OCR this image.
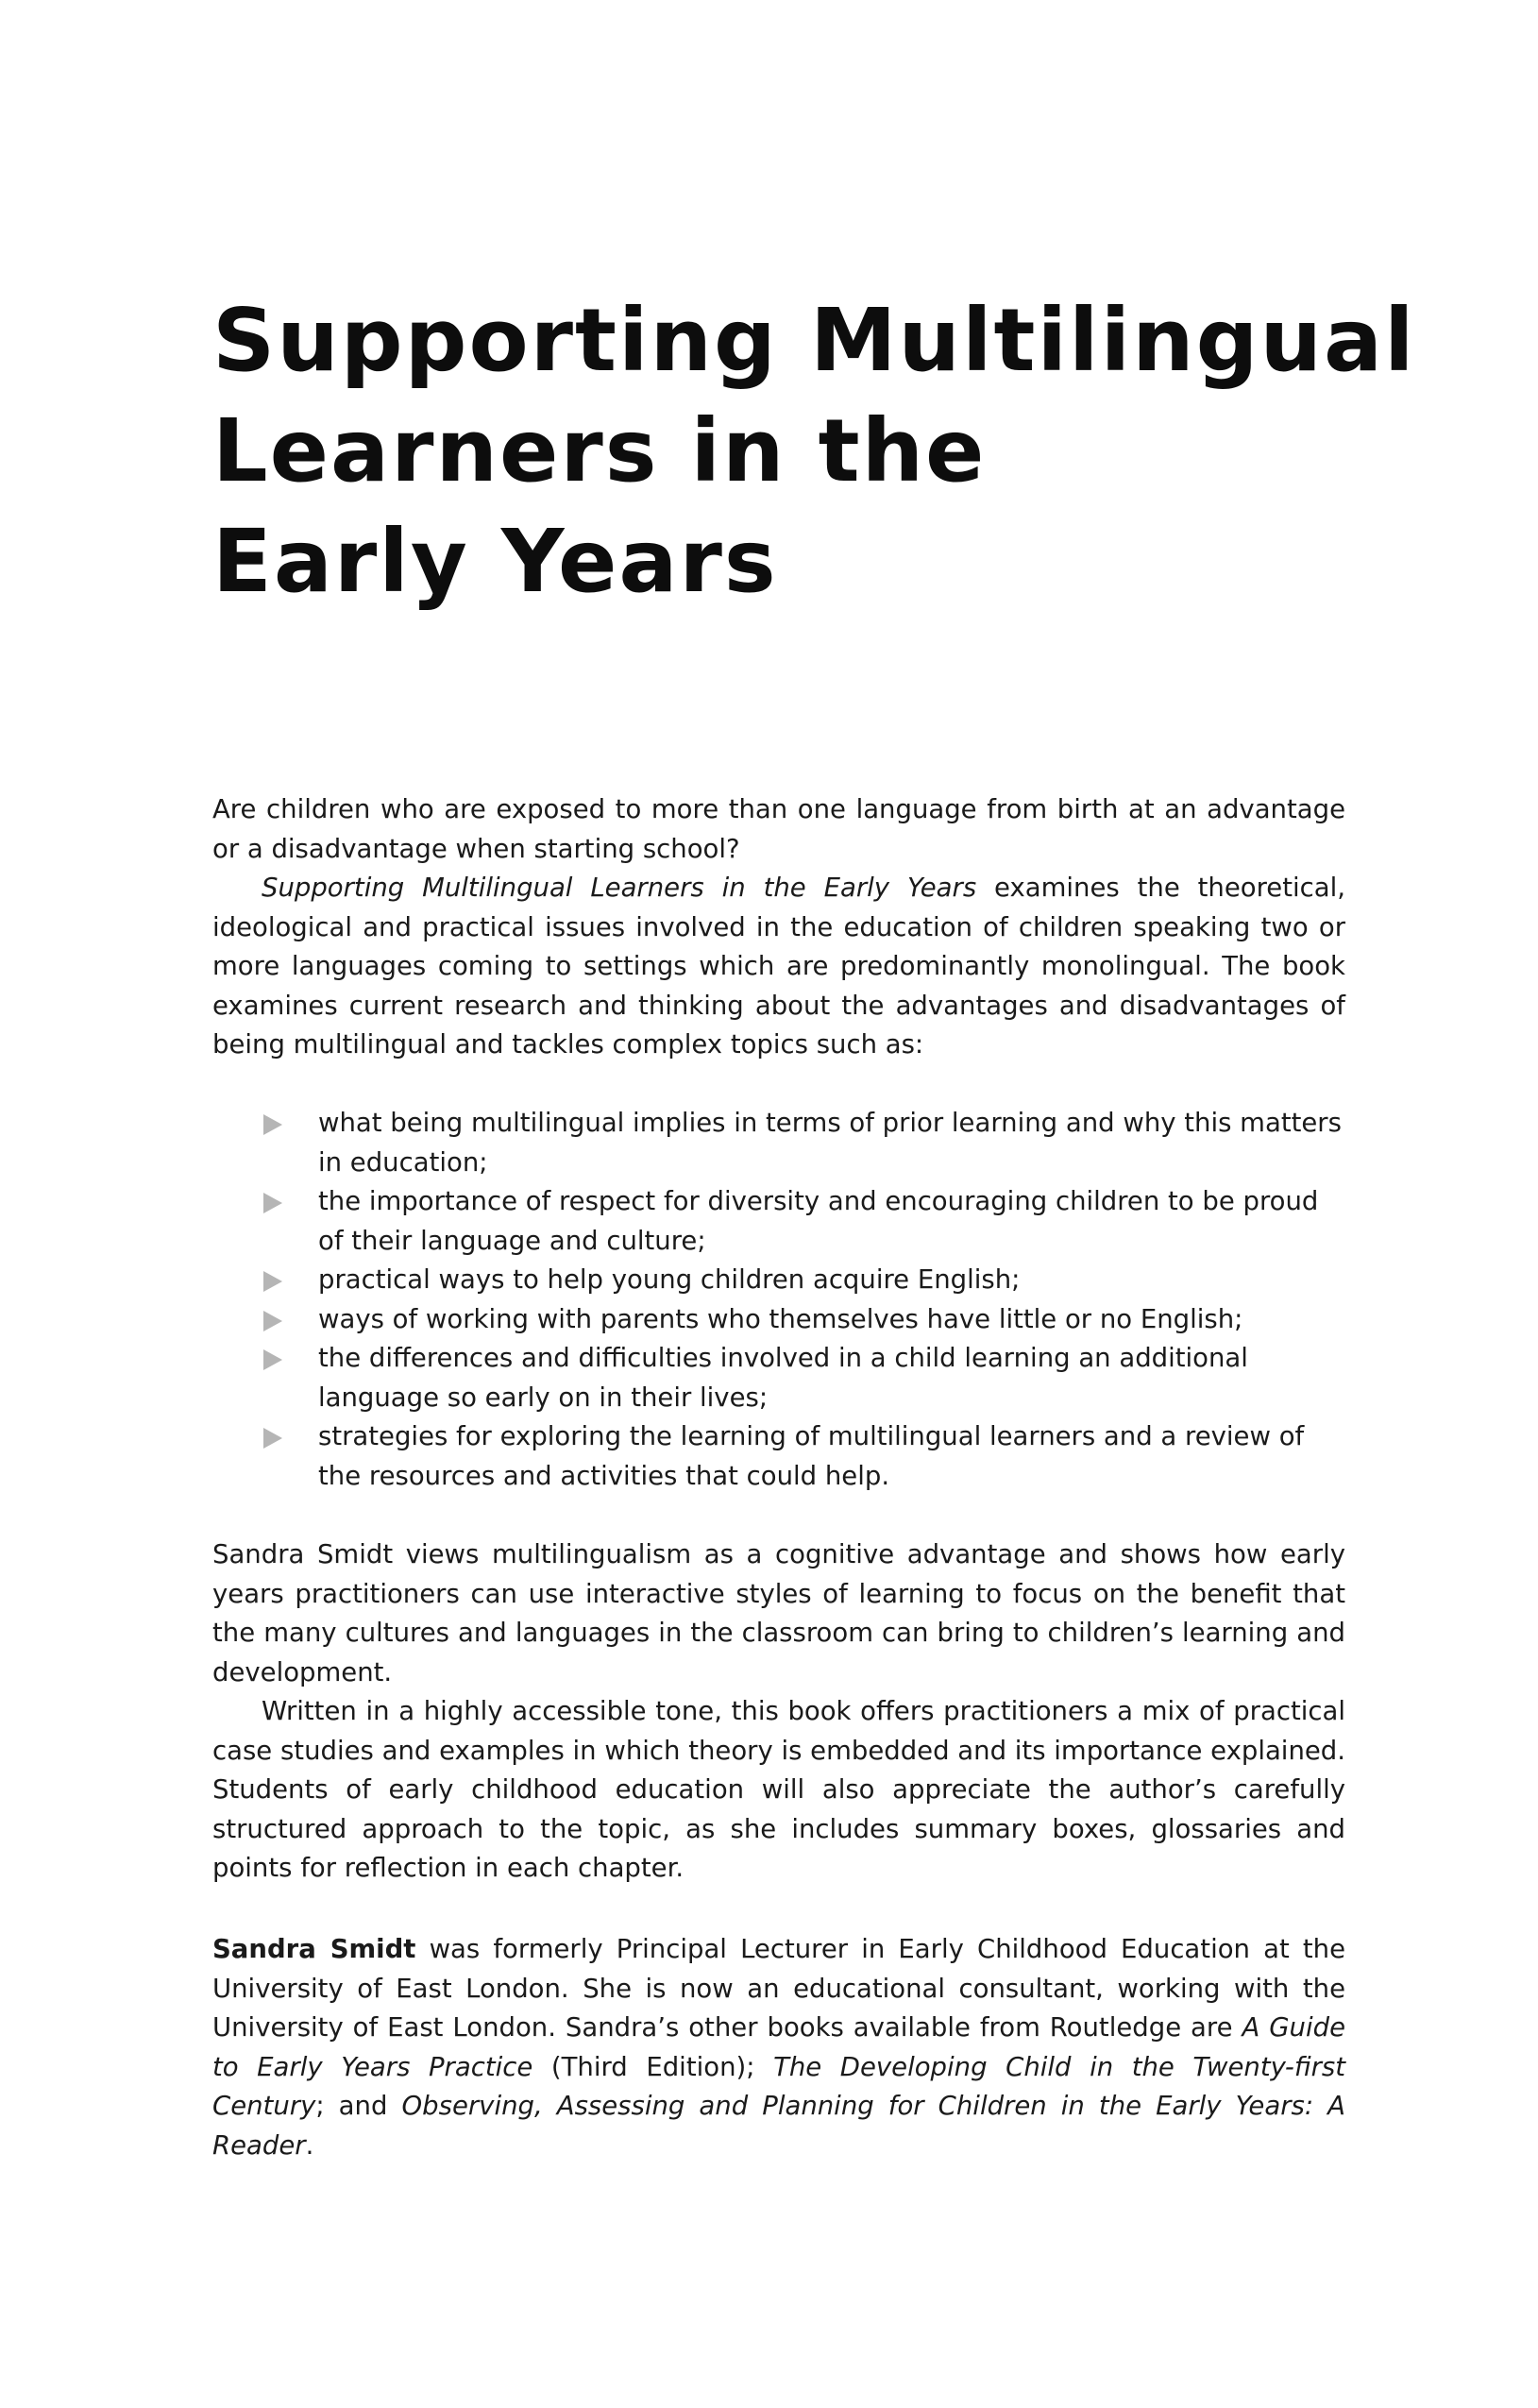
Supporting Multilingual
Learners in the
Early Years

Are children who are exposed to more than one language from birth at an advantage or a disadvantage when starting school?

Supporting Multilingual Learners in the Early Years examines the theoretical, ideological and practical issues involved in the education of children speaking two or more languages coming to settings which are predominantly monolingual. The book examines current research and thinking about the advantages and disadvantages of being multilingual and tackles complex topics such as:

what being multilingual implies in terms of prior learning and why this matters in education;
the importance of respect for diversity and encouraging children to be proud of their language and culture;
practical ways to help young children acquire English;
ways of working with parents who themselves have little or no English;
the differences and difficulties involved in a child learning an additional language so early on in their lives;
strategies for exploring the learning of multilingual learners and a review of the resources and activities that could help.

Sandra Smidt views multilingualism as a cognitive advantage and shows how early years practitioners can use interactive styles of learning to focus on the benefit that the many cultures and languages in the classroom can bring to children’s learning and development.

Written in a highly accessible tone, this book offers practitioners a mix of practical case studies and examples in which theory is embedded and its importance explained. Students of early childhood education will also appreciate the author’s carefully structured approach to the topic, as she includes summary boxes, glossaries and points for reflection in each chapter.

Sandra Smidt was formerly Principal Lecturer in Early Childhood Education at the University of East London. She is now an educational consultant, working with the University of East London. Sandra’s other books available from Routledge are A Guide to Early Years Practice (Third Edition); The Developing Child in the Twenty-first Century; and Observing, Assessing and Planning for Children in the Early Years: A Reader.
